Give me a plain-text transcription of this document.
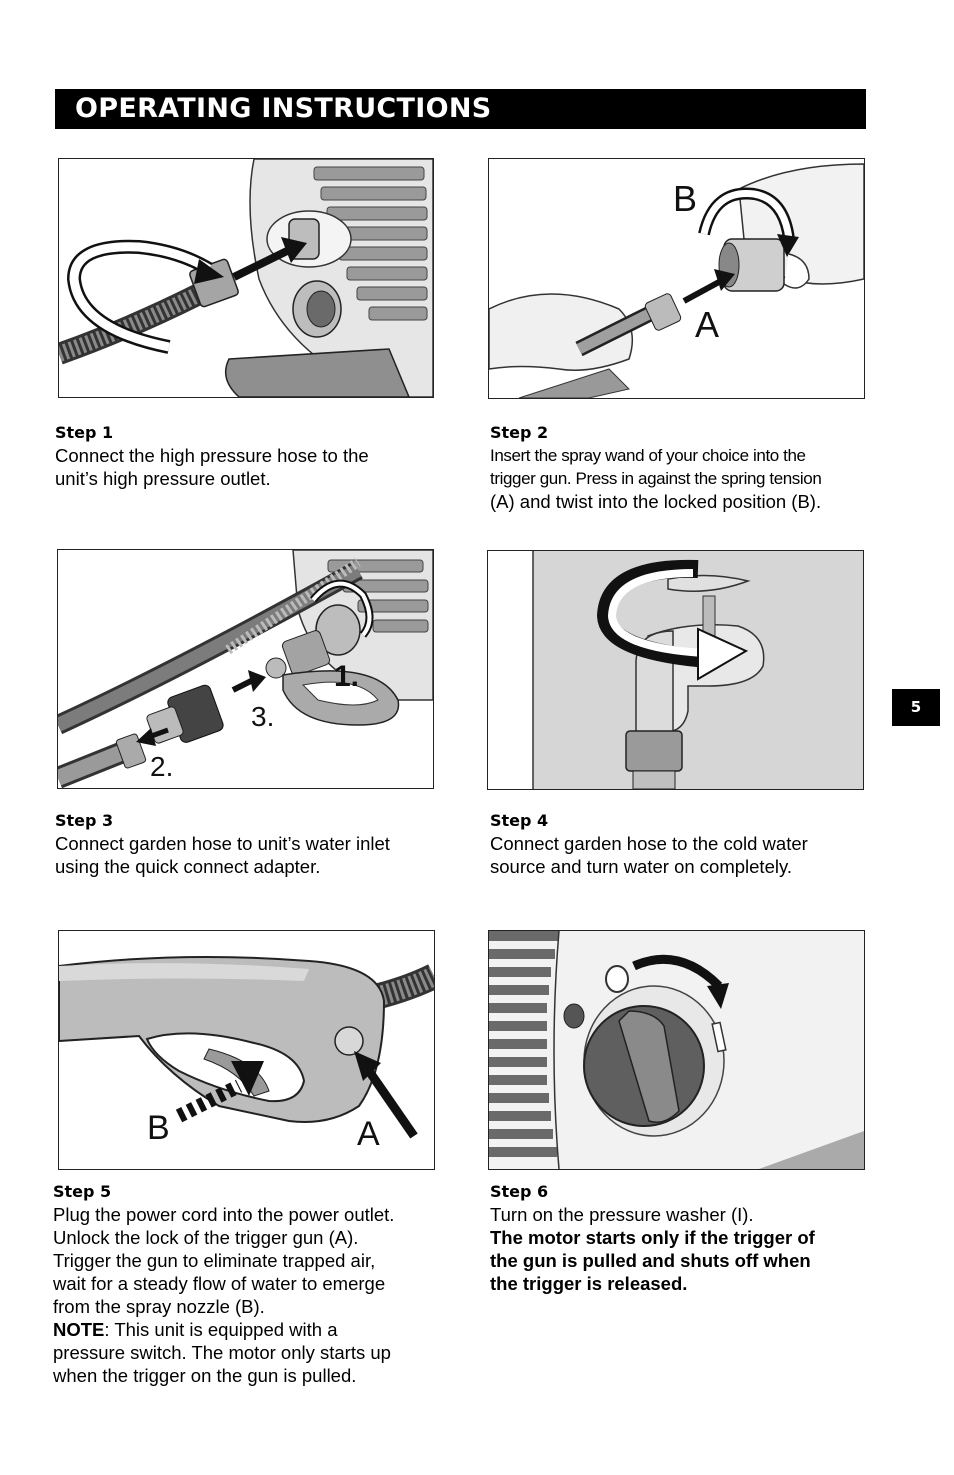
OPERATING INSTRUCTIONS
5
B
A
Step 1
Connect the high pressure hose to the
unit’s high pressure outlet.
Step 2
Insert the spray wand of your choice into the
trigger gun. Press in against the spring tension
(A) and twist into the locked position (B).
1.
3.
2.
Step 3
Connect garden hose to unit’s water inlet
using the quick connect adapter.
Step 4
Connect garden hose to the cold water
source and turn water on completely.
B	A
Step 5
Plug the power cord into the power outlet.
Unlock the lock of the trigger gun (A).
Trigger the gun to eliminate trapped air,
wait for a steady flow of water to emerge
from the spray nozzle (B).
NOTE: This unit is equipped with a
pressure switch. The motor only starts up
when the trigger on the gun is pulled.
Step 6
Turn on the pressure washer (I).
The motor starts only if the trigger of
the gun is pulled and shuts off when
the trigger is released.
